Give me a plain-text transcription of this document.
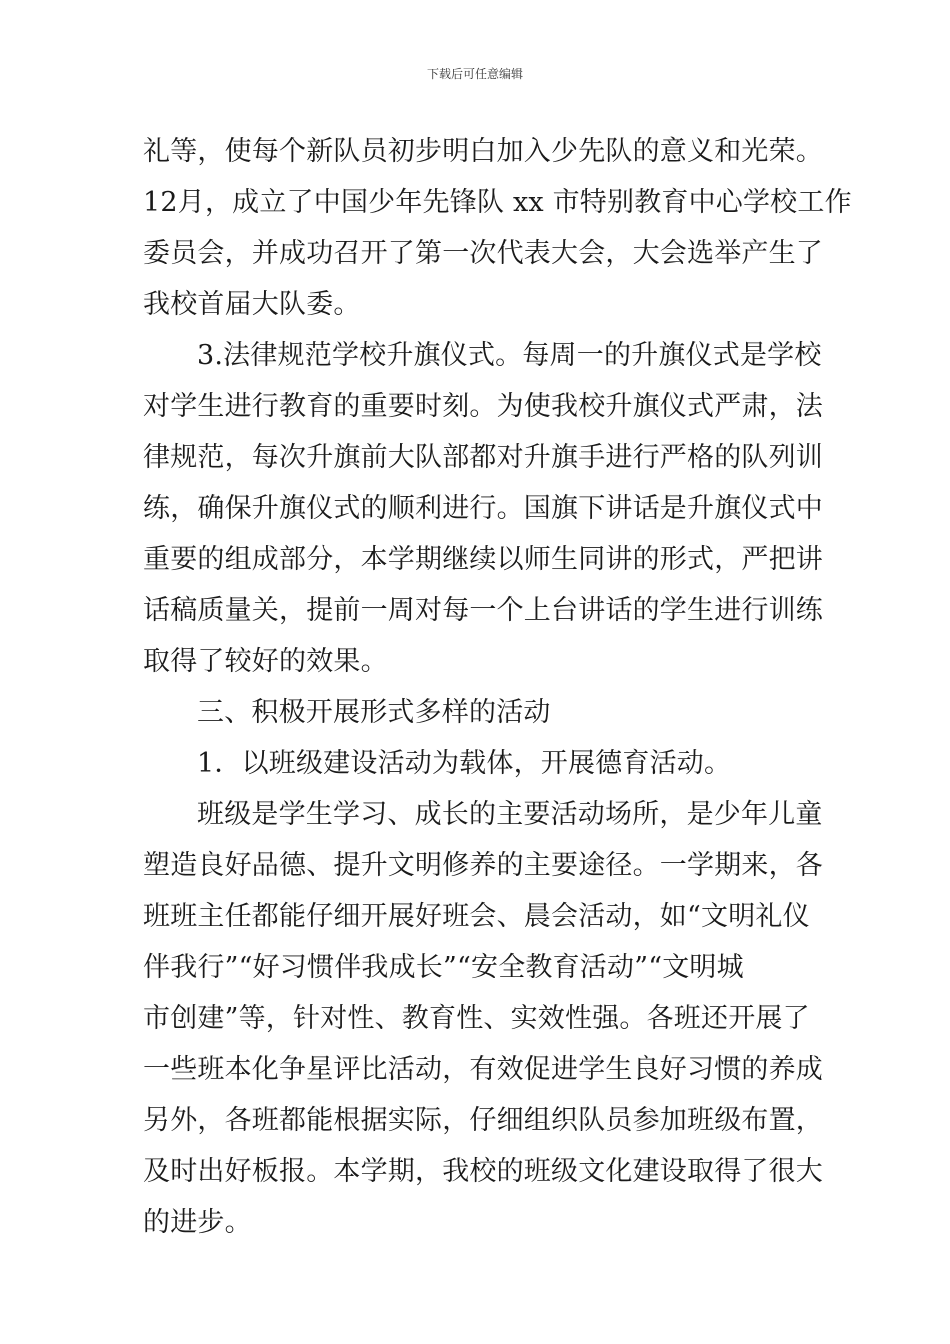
下载后可任意编辑
礼等，使每个新队员初步明白加入少先队的意义和光荣。
12月，成立了中国少年先锋队 xx 市特别教育中心学校工作
委员会，并成功召开了第一次代表大会，大会选举产生了
我校首届大队委。
3.法律规范学校升旗仪式。每周一的升旗仪式是学校
对学生进行教育的重要时刻。为使我校升旗仪式严肃，法
律规范，每次升旗前大队部都对升旗手进行严格的队列训
练，确保升旗仪式的顺利进行。国旗下讲话是升旗仪式中
重要的组成部分，本学期继续以师生同讲的形式，严把讲
话稿质量关，提前一周对每一个上台讲话的学生进行训练
取得了较好的效果。
三、积极开展形式多样的活动
1．以班级建设活动为载体，开展德育活动。
班级是学生学习、成长的主要活动场所，是少年儿童
塑造良好品德、提升文明修养的主要途径。一学期来，各
班班主任都能仔细开展好班会、晨会活动，如“文明礼仪
伴我行”“好习惯伴我成长”“安全教育活动”“文明城
市创建”等，针对性、教育性、实效性强。各班还开展了
一些班本化争星评比活动，有效促进学生良好习惯的养成
另外，各班都能根据实际，仔细组织队员参加班级布置，
及时出好板报。本学期，我校的班级文化建设取得了很大
的进步。
